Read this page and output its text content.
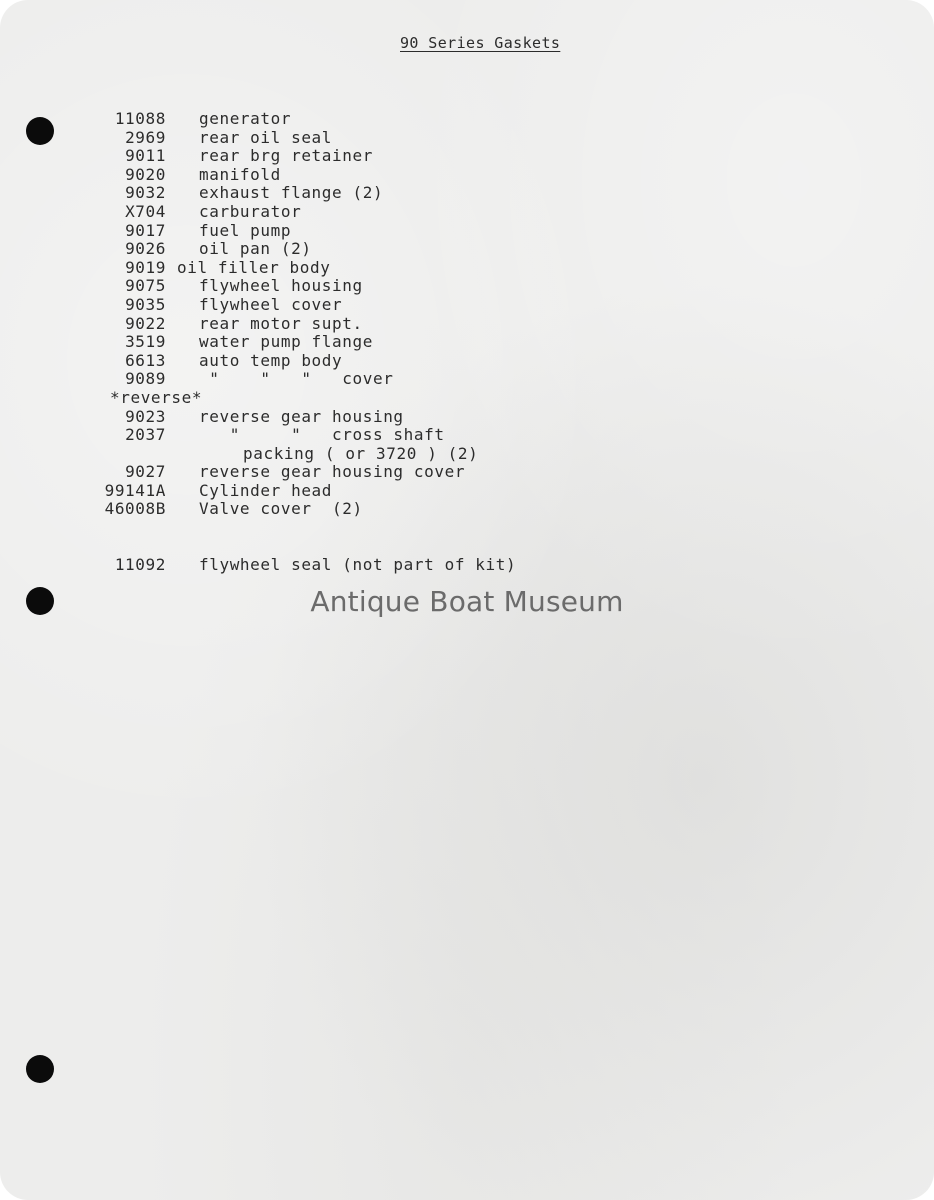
90 Series Gaskets
11088 generator
2969 rear oil seal
9011 rear brg retainer
9020 manifold
9032 exhaust flange (2)
X704 carburator
9017 fuel pump
9026 oil pan (2)
9019 oil filler body
9075 flywheel housing
9035 flywheel cover
9022 rear motor supt.
3519 water pump flange
6613 auto temp body
9089 "    "   "   cover
*reverse*
9023 reverse gear housing
2037 "     "   cross shaft
packing ( or 3720 ) (2)
9027 reverse gear housing cover
99141A Cylinder head
46008B Valve cover  (2)
11092 flywheel seal (not part of kit)
Antique Boat Museum
